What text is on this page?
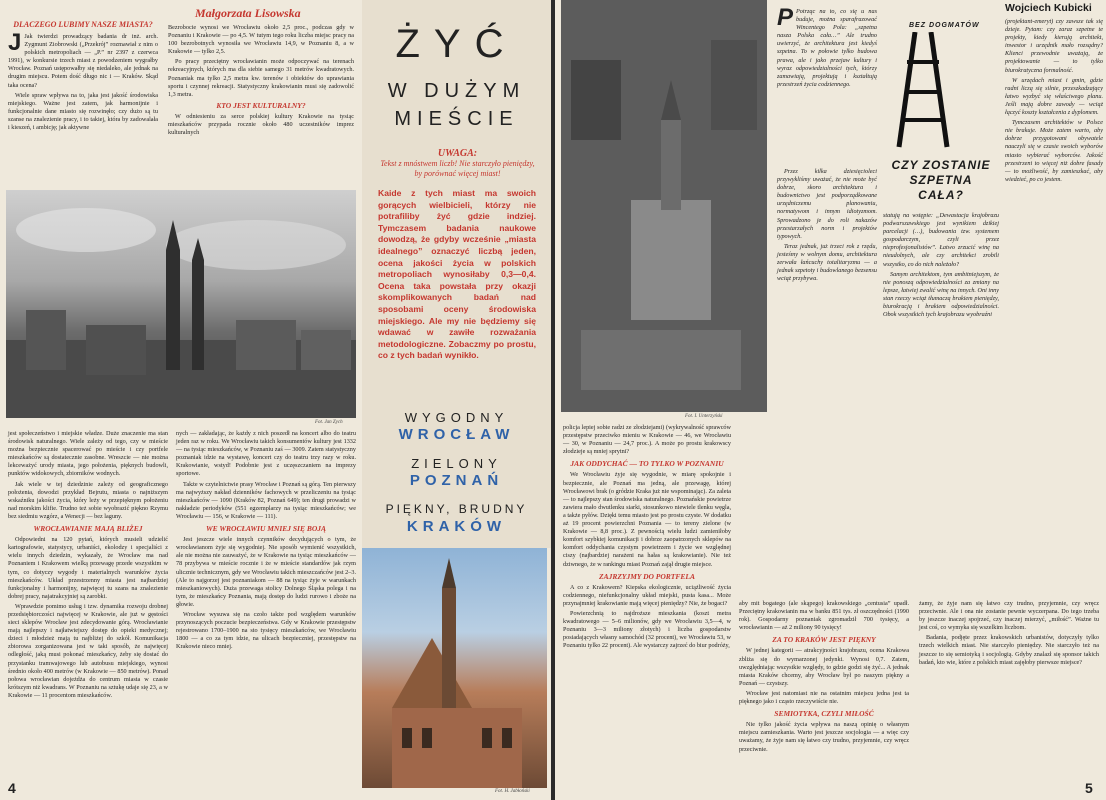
DLACZEGO LUBIMY NASZE MIASTA?

J Jak twierdzi prowadzący badania dr inż. arch. Zygmunt Ziobrowski („Przekrój” rozmawiał z nim o polskich metropoliach — „P.” nr 2397 z czerwca 1991), w konkursie trzech miast z powodzeniem wygrałby Wrocław. Poznań ustępowałby się niedaleko, ale jednak na drugim miejscu. Potem dość długo nic i — Kraków. Skąd taka ocena?

Wiele spraw wpływa na to, jaka jest jakość środowiska miejskiego. Ważne jest zatem, jak harmonijnie i funkcjonalnie dane miasto się rozwinęło; czy dużo są tu szanse na znalezienie pracy, i to takiej, która by zadowalała i kieszeń, i ambicję; jak aktywne

Małgorzata Lisowska

Bezrobocie wynosi we Wrocławiu około 2,5 proc., podczas gdy w Poznaniu i Krakowie — po 4,5. W tutym tego roku liczba miejsc pracy na 100 bezrobotnych wynosiła we Wrocławiu 14,9, w Poznaniu 8, a w Krakowie — tylko 2,5.

Po pracy przeciętny wrocławianin może odpoczywać na terenach rekreacyjnych, których ma dla siebie samego 31 metrów kwadratowych. Poznaniak ma tylko 2,5 metra kw. terenów i obiektów do uprawiania sportu i czynnej rekreacji. Statystyczny krakowianin musi się zadowolić 1,3 metra.

KTO JEST KULTURALNY?

W odniesieniu za serce polskiej kultury Krakowie na tysiąc mieszkańców przypada rocznie około 480 uczestników imprez kulturalnych

Fot. Jan Zych

jest społeczeństwo i miejskie władze. Duże znaczenie ma stan środowisk naturalnego. Wiele zależy od tego, czy w mieście można bezpiecznie spacerować po mieście i czy portfele mieszkańców są dostatecznie zasobne. Wreszcie — nie można lekceważyć urody miasta, jego położenia, pięknych budowli, punktów widokowych, zbiorników wodnych.

Jak wiele w tej dziedzinie zależy od geograficznego położenia, dowodzi przykład Bejrutu, miasta o najniższym wskaźniku jakości życia, który leży w przepięknym położeniu nad morskim klifie. Trudno też sobie wyobrazić piękno Rzymu bez siedmiu wzgórz, a Wenecji — bez laguny.

WROCŁAWIANIE MAJĄ BLIŻEJ

Odpowiedni na 120 pytań, których musieli udzielić kartografowie, statystycy, urbaniści, ekolodzy i specjaliści z wielu innych dziedzin, wykazały, że Wrocław ma nad Poznaniem i Krakowem wielką przewagę przede wszystkim w tym, co dotyczy wygody i materialnych warunków życia mieszkańców. Układ przestrzenny miasta jest najbardziej funkcjonalny i harmonijny, najwięcej tu szans na znalezienie dobrej pracy, najatrakcyjniej są zarobki.

Wprawdzie pomimo usług i tzw. dynamika rozwoju drobnej przedsiębiorczości najwięcej w Krakowie, ale już w gęstości sieci sklepów Wrocław jest zdecydowanie górą. Wrocławianie mają najlepszy i najłatwiejszy dostęp do opieki medycznej; dzieci i młodzież mają tu najbliżej do szkół. Komunikacja zbiorowa zorganizowana jest w taki sposób, że najwięcej odległość, jaką musi pokonać mieszkańcy, żeby się dostać do przystanku tramwajowego lub autobusu miejskiego, wynosi średnio około 400 metrów (w Krakowie — 850 metrów). Ponad połowa wrocławian dojeżdża do centrum miasta w czasie krótszym niż kwadrans. W Poznaniu na sztukę udaje się 23, a w Krakowie — 11 procentom mieszkańców.

nych — zakładając, że każdy z nich poszedł na koncert albo do teatru jeden raz w roku. We Wrocławiu takich konsumentów kultury jest 1332 — na tysiąc mieszkańców, w Poznaniu zaś — 3009. Zatem statystyczny poznaniak idzie na wystawę, koncert czy do teatru trzy razy w roku. Krakowianie, wstyd! Podobnie jest z uczęszczaniem na imprezy sportowe.

Także w czytelnictwie prasy Wrocław i Poznań są górą. Ten pierwszy ma najwyższy nakład dzienników fachowych w przeliczeniu na tysiąc mieszkańców — 1090 (Kraków 82, Poznań 649); ten drugi prowadzi w nakładzie periodyków (551 egzemplarzy na tysiąc mieszkańców; we Wrocławiu — 156, w Krakowie — 111).

WE WROCŁAWIU MNIEJ SIĘ BOJĄ

Jest jeszcze wiele innych czynników decydujących o tym, że wrocławianom żyje się wygodniej. Nie sposób wymienić wszystkich, ale nie można nie zauważyć, że w Krakowie na tysiąc mieszkańców — 78 przybywa w mieście rocznie i że w mieście standardów jak rzym ulicznie technicznym, gdy we Wrocławiu takich mieszczańców jest 2–3. (Ale to najgorzej jest poznaniakom — 88 na tysiąc żyje w warunkach mieszkaniowych). Duża przewaga stolicy Dolnego Śląska polega i na tym, że mieszkańcy Poznania, mają dostęp do ludzi rurowo i zboże na głowie.

Wrocław wysuwa się na czoło także pod względem warunków przynoszących poczucie bezpieczeństwa. Gdy w Krakowie przestępstw rejestrowano 1700–1900 na sto tysięcy mieszkańców, we Wrocławiu 1800 — a co za tym idzie, na ulicach bezpieczniej, przestępstw na Krakowie nieco mniej.

Fot. H. Jabłoński
ŻYĆ
W DUŻYM
MIEŚCIE
UWAGA:
Tekst z mnóstwem liczb! Nie starczyło pieniędzy, by porównać więcej miast!
Kaide z tych miast ma swoich gorących wielbicieli, którzy nie potrafiliby żyć gdzie indziej. Tymczasem badania naukowe dowodzą, że gdyby wcześnie „miasta idealnego” oznaczyć liczbą jeden, ocena jakości życia w polskich metropoliach wynosiłaby 0,3—0,4. Ocena taka powstała przy okazji skomplikowanych badań nad sposobami oceny środowiska miejskiego. Ale my nie będziemy się wdawać w zawiłe rozważania metodologiczne. Zobaczmy po prostu, co z tych badań wynikło.
WYGODNY
WROCŁAW
ZIELONY
POZNAŃ
PIĘKNY, BRUDNY
KRAKÓW
4
Fot. I. Unterzyński

policja lepiej sobie radzi ze złodziejami) (wykrywalność sprawców przestępstw przeciwko mieniu w Krakowie — 46, we Wrocławiu — 30, w Poznaniu — 24,7 proc.). A może po prostu krakowscy złodzieje są mniej sprytni?

JAK ODDYCHAĆ — TO TYLKO W POZNANIU

We Wrocławiu żyje się wygodnie, w miarę spokojnie i bezpiecznie, ale Poznań ma jedną, ale przewagę, której Wrocławowi brak (o gródzie Kraka już nie wspominając). Za zaleta — to najlepszy stan środowiska naturalnego. Poznańskie powietrze zawiera mało dwutlenku siarki, stosunkowo niewiele tlenku węgla, a także pyłów. Dzięki temu miasto jest po prostu czyste. W dodatku aż 19 procent powierzchni Poznania — to tereny zielone (w Krakowie — 8,8 proc.). Z pewnością wielu ludzi zamieniłoby komfort szybkiej komunikacji i dobrze zaopatrzonych sklepów na komfort oddychania czystym powietrzem i życie we względnej ciszy (najbardziej narażeni na hałas są krakowianie). Nie też dziwnego, że w rankingu miast Poznań zajął drugie miejsce.

ZAJRZYJMY DO PORTFELA

A co z Krakowem? Kiepska ekologicznie, uciążliwość życia codziennego, niefunkcjonalny układ miejski, pusta kasa... Może przynajmniej krakowianie mają więcej pieniędzy? Nie, że bogaci?

Powierzchnią to najdroższe mieszkania (koszt metra kwadratowego — 5–6 milionów, gdy we Wrocławiu 3,5—4, w Poznaniu 3—3 miliony złotych) i liczba gospodarstw posiadających własny samochód (32 procent), we Wrocławiu 53, w Poznaniu tylko 22 procent). Ale wystarczy zajrzeć do biur podróży,

aby mit bogatego (ale skąpego) krakowskiego „centusia” upadł. Przeciętny krakowianin ma w banku 851 tys. zł oszczędności (1990 rok). Gospodarny poznaniak zgromadził 700 tysięcy, a wrocławianin — aż 2 miliony 90 tysięcy!

ZA TO KRAKÓW JEST PIĘKNY

W jednej kategorii — atrakcyjności krajobrazu, ocena Krakowa zbliża się do wymarzonej jedynki. Wynosi 0,7. Zatem, uwzględniając wszystkie względy, to gdzie godzi się żyć... A jednak miasta Kraków chcemy, aby Wrocław był po naszym piękny a Poznań — czystszy.

Wrocław jest natomiast nie na ostatnim miejscu jedna jest ta pięknego jako i cząsto rzeczywiście nie.

SEMIOTYKA, CZYLI MIŁOŚĆ

Nie tylko jakość życia wpływa na naszą opinię o własnym miejscu zamieszkania. Warto jest jeszcze socjologia — a więc czy uważamy, że żyje nam się łatwo czy trudno, przyjemnie, czy wręcz przeciwnie.

żamy, że żyje nam się łatwo czy trudno, przyjemnie, czy wręcz przeciwnie. Ale i ona nie zostanie pewnie wyczerpana. Do tego trzeba by jeszcze inaczej spojrzeć, czy inaczej mierzyć, „miłość”. Ważne tu jest coś, co wymyka się wszelkim liczbom.

Badania, podjęte przez krakowskich urbanistów, dotyczyły tylko trzech wielkich miast. Nie starczyło pieniędzy. Nie starczyło też na jeszcze to się semiotyką i socjologią. Gdyby znalazł się sponsor takich badań, kto wie, które z polskich miast zajęłoby pierwsze miejsce?

P Potrząc na to, co się u nas buduje, można sparafrazować Wincentego Pola: „szpetna nasza Polska cała…” Ale trudno uwierzyć, że architektura jest kiedyś szpetna. To w połowie tylko budowa prawa, ale i jako przejaw kultury i wyraz odpowiedzialności tych, którzy zamawiają, projektują i kształtują przestrzeń życia codziennego.

BEZ DOGMATÓW
CZY ZOSTANIE SZPETNA CAŁA?
Wojciech Kubicki

Przez kilka dziesięcioleci przywykliśmy uważać, że nie może być dobrze, skoro architektura i budownictwo jest podporządkowane urzędniczemu planowaniu, normatywom i innym idiotyzmom. Sprowadzono je do roli nakazów przestarzałych norm i projektów typowych.

Teraz jednak, już trzeci rok z rzędu, jesteśmy w wolnym domu, architektura zerwała łańcuchy totalitaryzmu — a jednak szpetoty i budowlanego bezsensu wciąż przybywa.

statują na wstępie: „Dewastacja krajobrazu podwarszawskiego jest wynikiem dzikiej parcelacji (…), budowania tzw. systemem gospodarczym, czyli przez nieprofesjonalistów”. Łatwo zrzucić winę na nieudolnych, ale czy architekci zrobili wszystko, co do nich należało?

Samym architektom, tym ambitniejszym, że nie ponoszą odpowiedzialności za zmiany na lepsze, łatwiej zwalić winę na innych. Oni inny stan rzeczy wciąż tłumaczą brakiem pieniędzy, biurokracją i brakiem odpowiedzialności. Obok wszystkich tych krajobrazu wyobraźni

(projektant-emeryt) czy zawsze tak się dzieje. Pytam: czy zaraz szpetne te projekty, kiedy kierują architekt, inwestor i urzędnik mało rozsądny? Klienci przewodnie uważają, że projektowanie — to tylko biurokratyczna formalność.

W urzędach miast i gmin, gdzie radni liczą się silnie, przeszkadzający łatwo wyzbyć się właściwego planu. Jeśli mają dobre zawody — wciąż łączyć koszty kształcenia z dyplomem.

Tymczasem architektów w Polsce nie brakuje. Może zatem warto, aby dobrze przygotowani obywatele nauczyli się w czasie swoich wyborów miasto wybierać wyborców. Jakość przestrzeni to więcej niż dobre fasady — to możliwość, by zamieszkać, aby wiedzieć, po co jestem.

5
